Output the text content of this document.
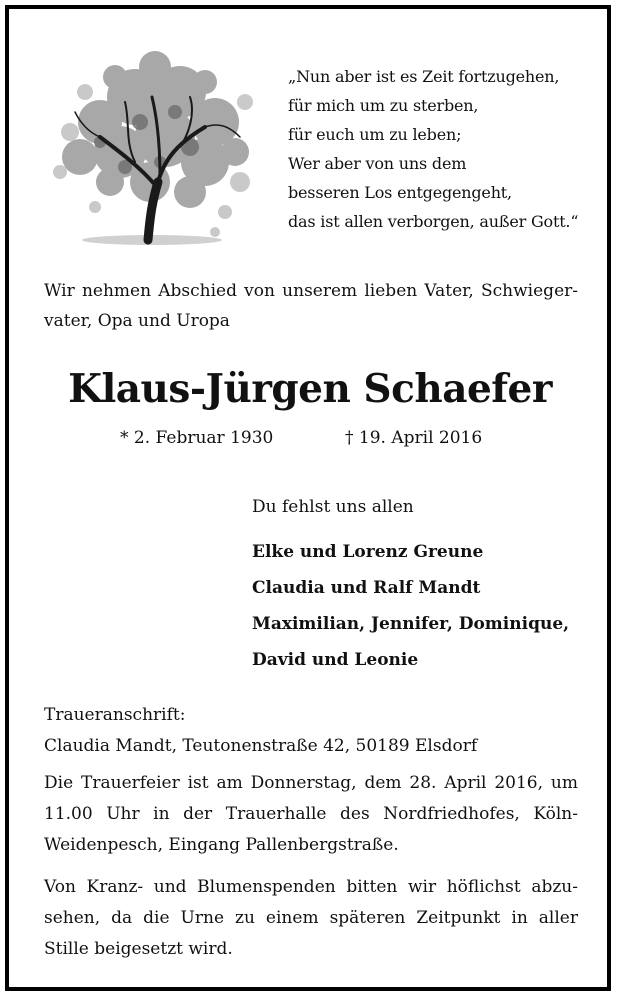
„Nun aber ist es Zeit fortzugehen,
für mich um zu sterben,
für euch um zu leben;
Wer aber von uns dem
besseren Los entgegengeht,
das ist allen verborgen, außer Gott.“
Wir nehmen Abschied von unserem lieben Vater, Schwieger-
vater, Opa und Uropa
Klaus-Jürgen Schaefer
* 2. Februar 1930	† 19. April 2016
Du fehlst uns allen
Elke und Lorenz Greune
Claudia und Ralf Mandt
Maximilian, Jennifer, Dominique,
David und Leonie
Traueranschrift:
Claudia Mandt, Teutonenstraße 42, 50189 Elsdorf
Die Trauerfeier ist am Donnerstag, dem 28. April 2016, um
11.00 Uhr in der Trauerhalle des Nordfriedhofes, Köln-
Weidenpesch, Eingang Pallenbergstraße.
Von Kranz- und Blumenspenden bitten wir höflichst abzu-
sehen, da die Urne zu einem späteren Zeitpunkt in aller
Stille beigesetzt wird.
